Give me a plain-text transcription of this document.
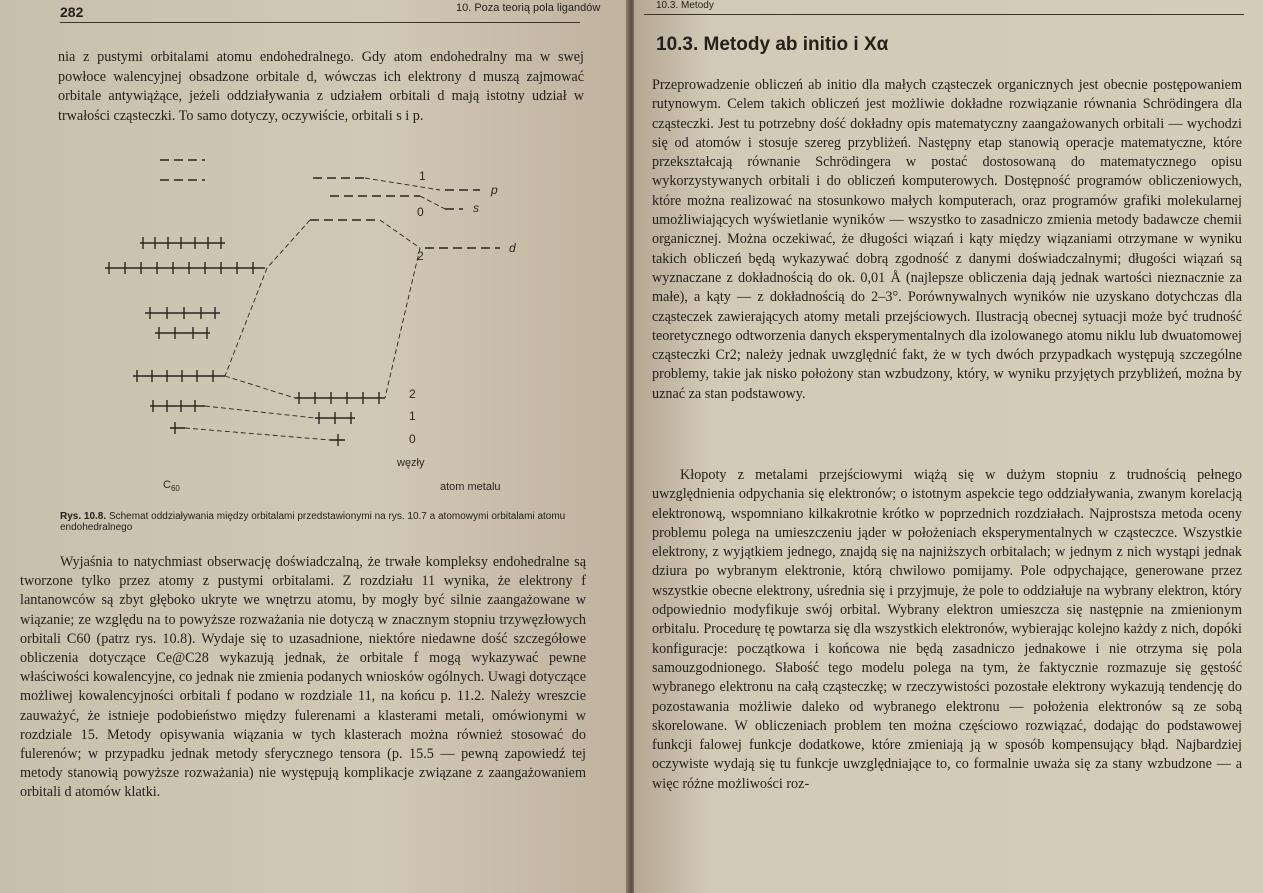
282	10. Poza teorią pola ligandów

nia z pustymi orbitalami atomu endohedralnego. Gdy atom endohedralny ma w swej powłoce walencyjnej obsadzone orbitale d, wówczas ich elektrony d muszą zajmować orbitale antywiążące, jeżeli oddziaływania z udziałem orbitali d mają istotny udział w trwałości cząsteczki. To samo dotyczy, oczywiście, orbitali s i p.

1
0
2
2
1
0
p
s
d
węzły
$C_{60}$	atom metalu
Rys. 10.8. Schemat oddziaływania między orbitalami przedstawionymi na rys. 10.7 a atomowymi orbitalami atomu endohedralnego

Wyjaśnia to natychmiast obserwację doświadczalną, że trwałe kompleksy endohedralne są tworzone tylko przez atomy z pustymi orbitalami. Z rozdziału 11 wynika, że elektrony f lantanowców są zbyt głęboko ukryte we wnętrzu atomu, by mogły być silnie zaangażowane w wiązanie; ze względu na to powyższe rozważania nie dotyczą w znacznym stopniu trzywęzłowych orbitali C60 (patrz rys. 10.8). Wydaje się to uzasadnione, niektóre niedawne dość szczegółowe obliczenia dotyczące Ce@C28 wykazują jednak, że orbitale f mogą wykazywać pewne właściwości kowalencyjne, co jednak nie zmienia podanych wniosków ogólnych. Uwagi dotyczące możliwej kowalencyjności orbitali f podano w rozdziale 11, na końcu p. 11.2. Należy wreszcie zauważyć, że istnieje podobieństwo między fulerenami a klasterami metali, omówionymi w rozdziale 15. Metody opisywania wiązania w tych klasterach można również stosować do fulerenów; w przypadku jednak metody sferycznego tensora (p. 15.5 — pewną zapowiedź tej metody stanowią powyższe rozważania) nie występują komplikacje związane z zaangażowaniem orbitali d atomów klatki.

10.3. Metody
10.3. Metody ab initio i Xα

Przeprowadzenie obliczeń ab initio dla małych cząsteczek organicznych jest obecnie postępowaniem rutynowym. Celem takich obliczeń jest możliwie dokładne rozwiązanie równania Schrödingera dla cząsteczki. Jest tu potrzebny dość dokładny opis matematyczny zaangażowanych orbitali — wychodzi się od atomów i stosuje szereg przybliżeń. Następny etap stanowią operacje matematyczne, które przekształcają równanie Schrödingera w postać dostosowaną do matematycznego opisu wykorzystywanych orbitali i do obliczeń komputerowych. Dostępność programów obliczeniowych, które można realizować na stosunkowo małych komputerach, oraz programów grafiki molekularnej umożliwiających wyświetlanie wyników — wszystko to zasadniczo zmienia metody badawcze chemii organicznej. Można oczekiwać, że długości wiązań i kąty między wiązaniami otrzymane w wyniku takich obliczeń będą wykazywać dobrą zgodność z danymi doświadczalnymi; długości wiązań są wyznaczane z dokładnością do ok. 0,01 Å (najlepsze obliczenia dają jednak wartości nieznacznie za małe), a kąty — z dokładnością do 2–3°. Porównywalnych wyników nie uzyskano dotychczas dla cząsteczek zawierających atomy metali przejściowych. Ilustracją obecnej sytuacji może być trudność teoretycznego odtworzenia danych eksperymentalnych dla izolowanego atomu niklu lub dwuatomowej cząsteczki Cr2; należy jednak uwzględnić fakt, że w tych dwóch przypadkach występują szczególne problemy, takie jak nisko położony stan wzbudzony, który, w wyniku przyjętych przybliżeń, można by uznać za stan podstawowy.

Kłopoty z metalami przejściowymi wiążą się w dużym stopniu z trudnością pełnego uwzględnienia odpychania się elektronów; o istotnym aspekcie tego oddziaływania, zwanym korelacją elektronową, wspomniano kilkakrotnie krótko w poprzednich rozdziałach. Najprostsza metoda oceny problemu polega na umieszczeniu jąder w położeniach eksperymentalnych w cząsteczce. Wszystkie elektrony, z wyjątkiem jednego, znajdą się na najniższych orbitalach; w jednym z nich wystąpi jednak dziura po wybranym elektronie, którą chwilowo pomijamy. Pole odpychające, generowane przez wszystkie obecne elektrony, uśrednia się i przyjmuje, że pole to oddziałuje na wybrany elektron, który odpowiednio modyfikuje swój orbital. Wybrany elektron umieszcza się następnie na zmienionym orbitalu. Procedurę tę powtarza się dla wszystkich elektronów, wybierając kolejno każdy z nich, dopóki konfiguracje: początkowa i końcowa nie będą zasadniczo jednakowe i nie otrzyma się pola samouzgodnionego. Słabość tego modelu polega na tym, że faktycznie rozmazuje się gęstość wybranego elektronu na całą cząsteczkę; w rzeczywistości pozostałe elektrony wykazują tendencję do pozostawania możliwie daleko od wybranego elektronu — położenia elektronów są ze sobą skorelowane. W obliczeniach problem ten można częściowo rozwiązać, dodając do podstawowej funkcji falowej funkcje dodatkowe, które zmieniają ją w sposób kompensujący błąd. Najbardziej oczywiste wydają się tu funkcje uwzględniające to, co formalnie uważa się za stany wzbudzone — a więc różne możliwości roz-
